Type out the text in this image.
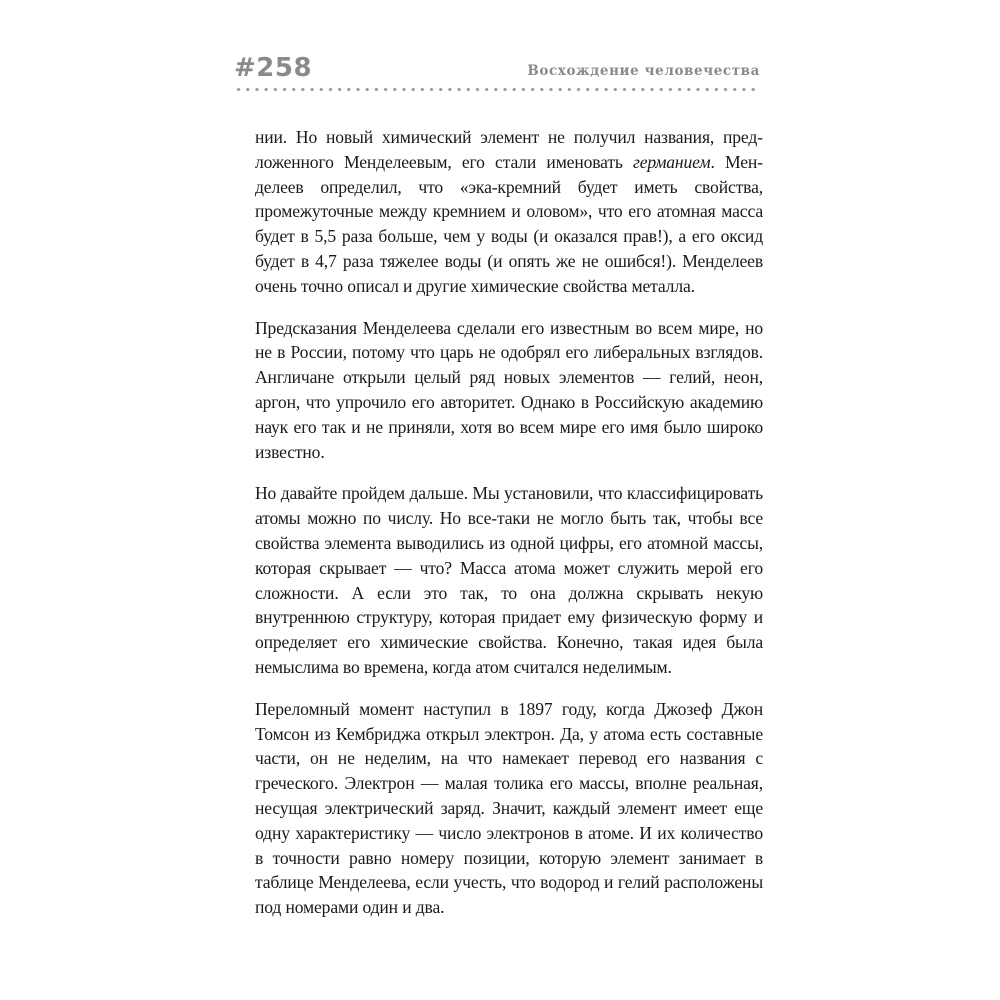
#258	Восхождение человечества

нии. Но новый химический элемент не получил названия, предложенного Менделеевым, его стали именовать германием. Менделеев определил, что «эка-кремний будет иметь свойства, промежуточные между кремнием и оловом», что его атомная масса будет в 5,5 раза больше, чем у воды (и оказался прав!), а его оксид будет в 4,7 раза тяжелее воды (и опять же не ошибся!). Менделеев очень точно описал и другие химические свойства металла.

Предсказания Менделеева сделали его известным во всем мире, но не в России, потому что царь не одобрял его либеральных взглядов. Англичане открыли целый ряд новых элементов — гелий, неон, аргон, что упрочило его авторитет. Однако в Российскую академию наук его так и не приняли, хотя во всем мире его имя было широко известно.

Но давайте пройдем дальше. Мы установили, что классифицировать атомы можно по числу. Но все-таки не могло быть так, чтобы все свойства элемента выводились из одной цифры, его атомной массы, которая скрывает — что? Масса атома может служить мерой его сложности. А если это так, то она должна скрывать некую внутреннюю структуру, которая придает ему физическую форму и определяет его химические свойства. Конечно, такая идея была немыслима во времена, когда атом считался неделимым.

Переломный момент наступил в 1897 году, когда Джозеф Джон Томсон из Кембриджа открыл электрон. Да, у атома есть составные части, он не неделим, на что намекает перевод его названия с греческого. Электрон — малая толика его массы, вполне реальная, несущая электрический заряд. Значит, каждый элемент имеет еще одну характеристику — число электронов в атоме. И их количество в точности равно номеру позиции, которую элемент занимает в таблице Менделеева, если учесть, что водород и гелий расположены под номерами один и два.
